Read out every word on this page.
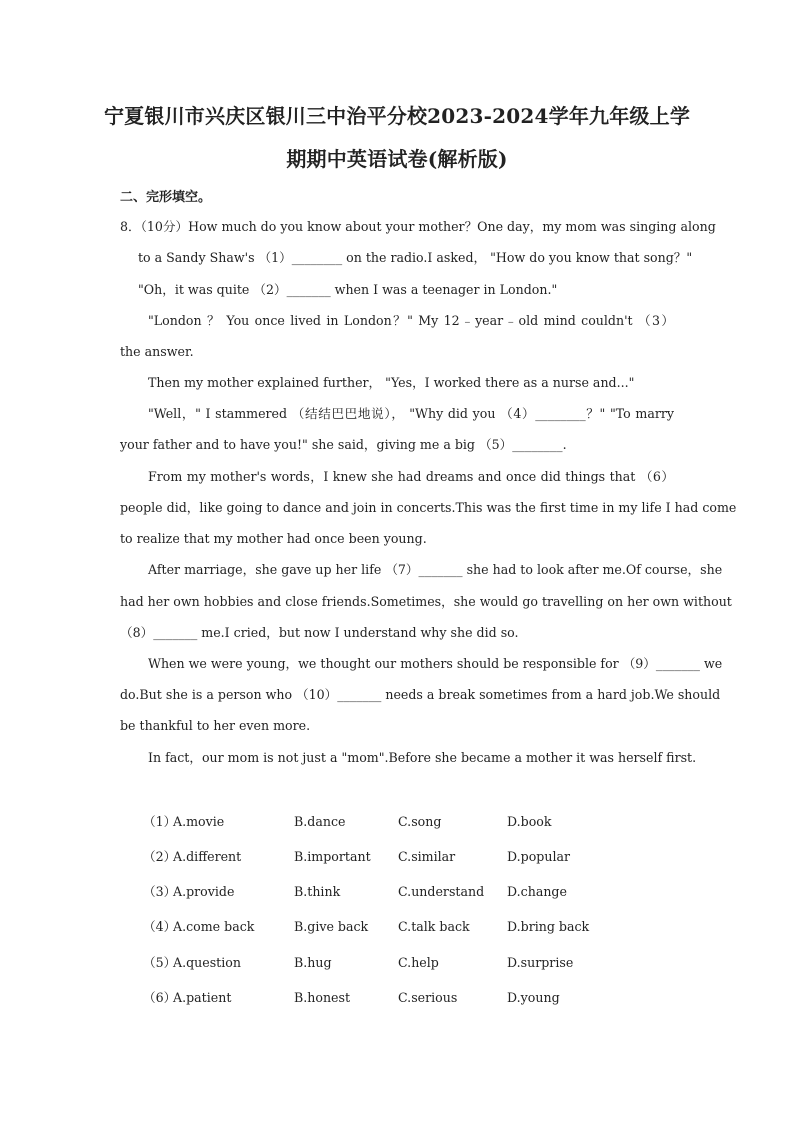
宁夏银川市兴庆区银川三中治平分校2023-2024学年九年级上学
期期中英语试卷(解析版)
二、完形填空。
8．（10分）How much do you know about your mother？One day，my mom was singing along
to a Sandy Shaw's （1）________ on the radio.I asked， "How do you know that song？"
"Oh，it was quite （2）_______ when I was a teenager in London."
"London ？ You once lived in London？" My 12﹣year﹣old mind couldn't （3）
the answer.
Then my mother explained further， "Yes，I worked there as a nurse and..."
"Well，" I stammered （结结巴巴地说）， "Why did you （4）________？" "To marry
your father and to have you!" she said，giving me a big （5）________.
From my mother's words，I knew she had dreams and once did things that （6）
people did，like going to dance and join in concerts.This was the first time in my life I had come
to realize that my mother had once been young.
After marriage，she gave up her life （7）_______ she had to look after me.Of course，she
had her own hobbies and close friends.Sometimes，she would go travelling on her own without
（8）_______ me.I cried，but now I understand why she did so.
When we were young，we thought our mothers should be responsible for （9）_______ we
do.But she is a person who （10）_______ needs a break sometimes from a hard job.We should
be thankful to her even more.
In fact，our mom is not just a "mom".Before she became a mother it was herself first.
（1）
A.movie	B.dance	C.song	D.book
（2）
A.different	B.important C.similar	D.popular
（3）
A.provide	B.think	C.understand D.change
（4）
A.come back	B.give back C.talk back	D.bring back
（5）
A.question	B.hug	C.help	D.surprise
（6）
A.patient	B.honest	C.serious	D.young
